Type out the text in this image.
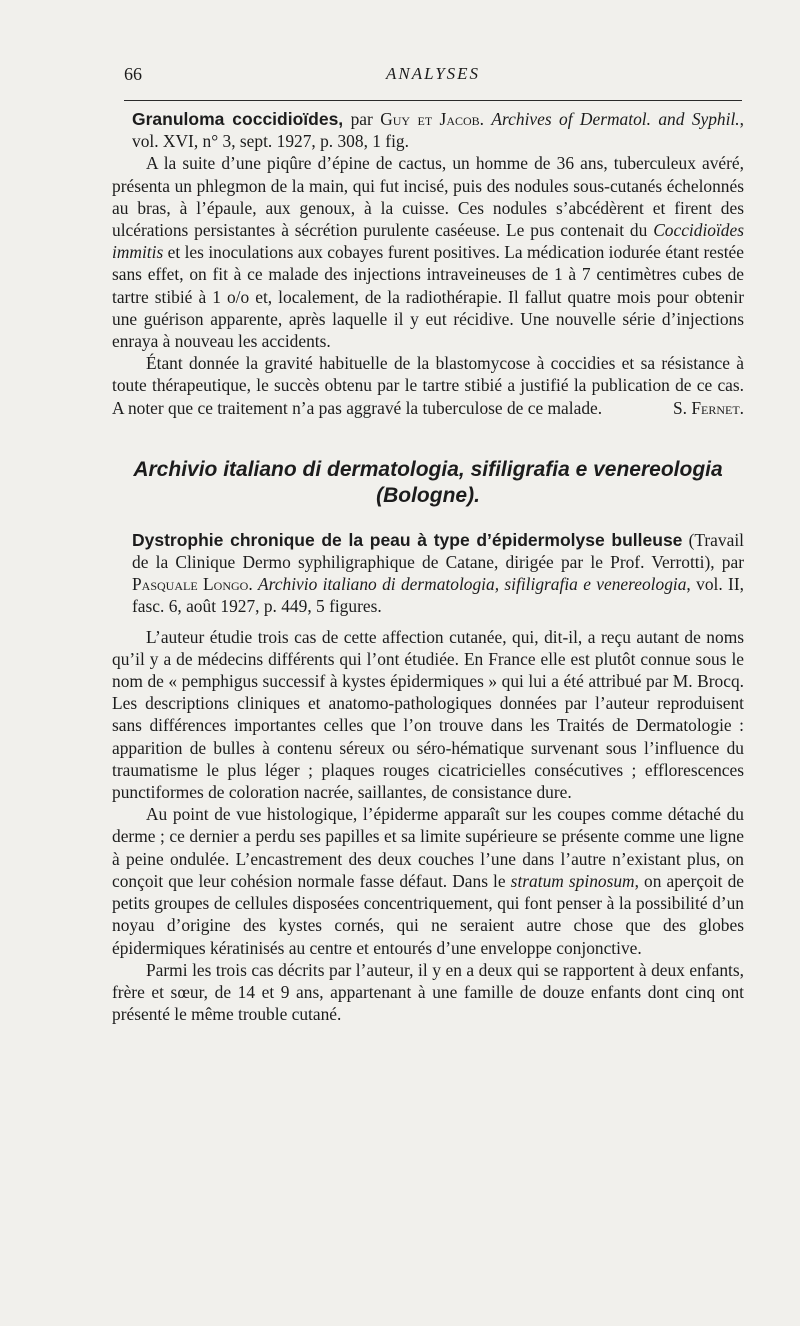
66	ANALYSES

Granuloma coccidioïdes, par Guy et Jacob. Archives of Dermatol. and Syphil., vol. XVI, n° 3, sept. 1927, p. 308, 1 fig.

A la suite d’une piqûre d’épine de cactus, un homme de 36 ans, tuberculeux avéré, présenta un phlegmon de la main, qui fut incisé, puis des nodules sous-cutanés échelonnés au bras, à l’épaule, aux genoux, à la cuisse. Ces nodules s’abcédèrent et firent des ulcérations persistantes à sécrétion purulente caséeuse. Le pus contenait du Coccidioïdes immitis et les inoculations aux cobayes furent positives. La médication iodurée étant restée sans effet, on fit à ce malade des injections intraveineuses de 1 à 7 centimètres cubes de tartre stibié à 1 o/o et, localement, de la radiothérapie. Il fallut quatre mois pour obtenir une guérison apparente, après laquelle il y eut récidive. Une nouvelle série d’injections enraya à nouveau les accidents.

Étant donnée la gravité habituelle de la blastomycose à coccidies et sa résistance à toute thérapeutique, le succès obtenu par le tartre stibié a justifié la publication de ce cas. A noter que ce traitement n’a pas aggravé la tuberculose de ce malade.	S. Fernet.

Archivio italiano di dermatologia, sifiligrafia e venereologia
(Bologne).

Dystrophie chronique de la peau à type d’épidermolyse bulleuse (Travail de la Clinique Dermo syphiligraphique de Catane, dirigée par le Prof. Verrotti), par Pasquale Longo. Archivio italiano di dermatologia, sifiligrafia e venereologia, vol. II, fasc. 6, août 1927, p. 449, 5 figures.

L’auteur étudie trois cas de cette affection cutanée, qui, dit-il, a reçu autant de noms qu’il y a de médecins différents qui l’ont étudiée. En France elle est plutôt connue sous le nom de « pemphigus successif à kystes épidermiques » qui lui a été attribué par M. Brocq. Les descriptions cliniques et anatomo-pathologiques données par l’auteur reproduisent sans différences importantes celles que l’on trouve dans les Traités de Dermatologie : apparition de bulles à contenu séreux ou séro-hématique survenant sous l’influence du traumatisme le plus léger ; plaques rouges cicatricielles consécutives ; efflorescences punctiformes de coloration nacrée, saillantes, de consistance dure.

Au point de vue histologique, l’épiderme apparaît sur les coupes comme détaché du derme ; ce dernier a perdu ses papilles et sa limite supérieure se présente comme une ligne à peine ondulée. L’encastrement des deux couches l’une dans l’autre n’existant plus, on conçoit que leur cohésion normale fasse défaut. Dans le stratum spinosum, on aperçoit de petits groupes de cellules disposées concentriquement, qui font penser à la possibilité d’un noyau d’origine des kystes cornés, qui ne seraient autre chose que des globes épidermiques kératinisés au centre et entourés d’une enveloppe conjonctive.

Parmi les trois cas décrits par l’auteur, il y en a deux qui se rapportent à deux enfants, frère et sœur, de 14 et 9 ans, appartenant à une famille de douze enfants dont cinq ont présenté le même trouble cutané.
